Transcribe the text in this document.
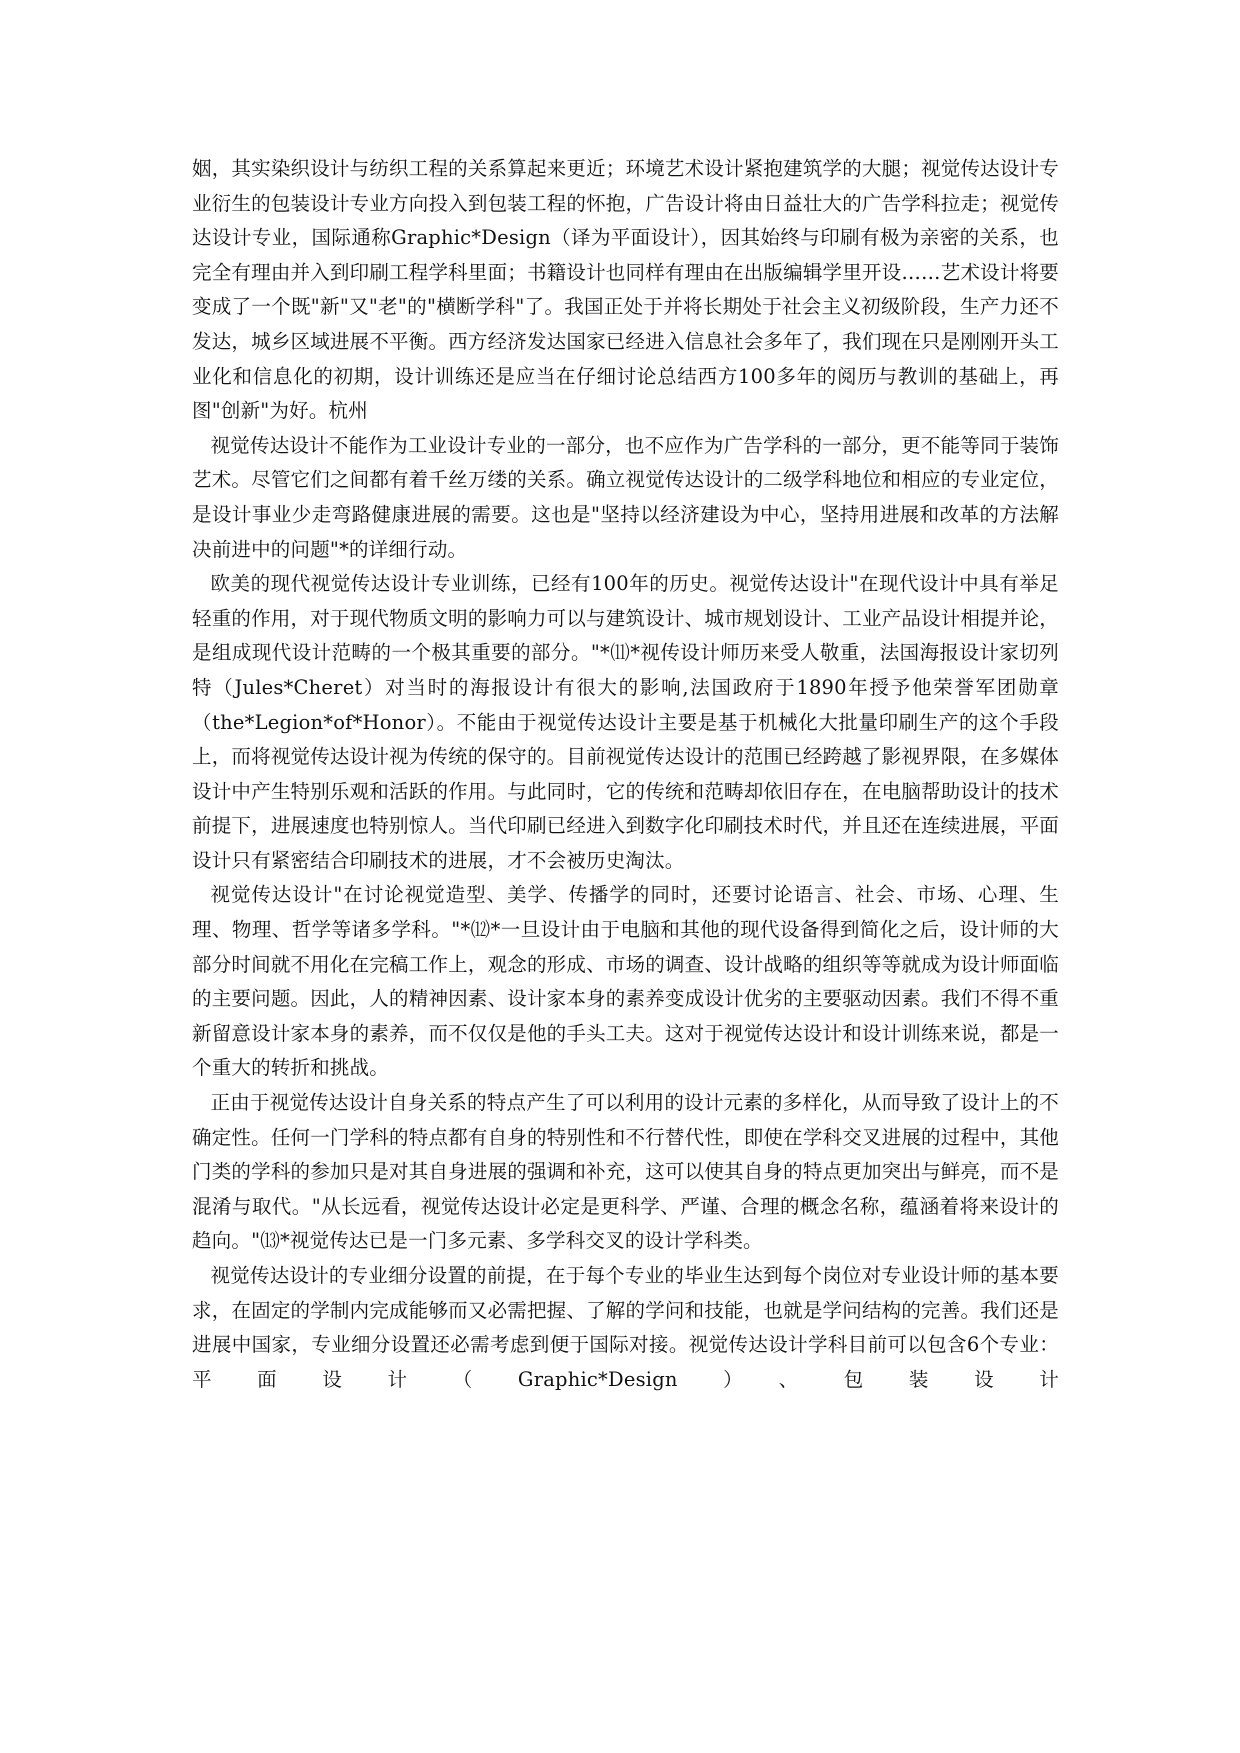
姻，其实染织设计与纺织工程的关系算起来更近；环境艺术设计紧抱建筑学的大腿；视觉传达设计专业衍生的包装设计专业方向投入到包装工程的怀抱，广告设计将由日益壮大的广告学科拉走；视觉传达设计专业，国际通称Graphic*Design（译为平面设计），因其始终与印刷有极为亲密的关系，也完全有理由并入到印刷工程学科里面；书籍设计也同样有理由在出版编辑学里开设……艺术设计将要变成了一个既"新"又"老"的"横断学科"了。我国正处于并将长期处于社会主义初级阶段，生产力还不发达，城乡区域进展不平衡。西方经济发达国家已经进入信息社会多年了，我们现在只是刚刚开头工业化和信息化的初期，设计训练还是应当在仔细讨论总结西方100多年的阅历与教训的基础上，再图"创新"为好。杭州

视觉传达设计不能作为工业设计专业的一部分，也不应作为广告学科的一部分，更不能等同于装饰艺术。尽管它们之间都有着千丝万缕的关系。确立视觉传达设计的二级学科地位和相应的专业定位，是设计事业少走弯路健康进展的需要。这也是"坚持以经济建设为中心，坚持用进展和改革的方法解决前进中的问题"*的详细行动。

欧美的现代视觉传达设计专业训练，已经有100年的历史。视觉传达设计"在现代设计中具有举足轻重的作用，对于现代物质文明的影响力可以与建筑设计、城市规划设计、工业产品设计相提并论，是组成现代设计范畴的一个极其重要的部分。"*⑾*视传设计师历来受人敬重，法国海报设计家切列特（Jules*Cheret）对当时的海报设计有很大的影响,法国政府于1890年授予他荣誉军团勋章（the*Legion*of*Honor）。不能由于视觉传达设计主要是基于机械化大批量印刷生产的这个手段上，而将视觉传达设计视为传统的保守的。目前视觉传达设计的范围已经跨越了影视界限，在多媒体设计中产生特别乐观和活跃的作用。与此同时，它的传统和范畴却依旧存在，在电脑帮助设计的技术前提下，进展速度也特别惊人。当代印刷已经进入到数字化印刷技术时代，并且还在连续进展，平面设计只有紧密结合印刷技术的进展，才不会被历史淘汰。

视觉传达设计"在讨论视觉造型、美学、传播学的同时，还要讨论语言、社会、市场、心理、生理、物理、哲学等诸多学科。"*⑿*一旦设计由于电脑和其他的现代设备得到简化之后，设计师的大部分时间就不用化在完稿工作上，观念的形成、市场的调查、设计战略的组织等等就成为设计师面临的主要问题。因此，人的精神因素、设计家本身的素养变成设计优劣的主要驱动因素。我们不得不重新留意设计家本身的素养，而不仅仅是他的手头工夫。这对于视觉传达设计和设计训练来说，都是一个重大的转折和挑战。

正由于视觉传达设计自身关系的特点产生了可以利用的设计元素的多样化，从而导致了设计上的不确定性。任何一门学科的特点都有自身的特别性和不行替代性，即使在学科交叉进展的过程中，其他门类的学科的参加只是对其自身进展的强调和补充，这可以使其自身的特点更加突出与鲜亮，而不是混淆与取代。"从长远看，视觉传达设计必定是更科学、严谨、合理的概念名称，蕴涵着将来设计的趋向。"⒀*视觉传达已是一门多元素、多学科交叉的设计学科类。

视觉传达设计的专业细分设置的前提，在于每个专业的毕业生达到每个岗位对专业设计师的基本要求，在固定的学制内完成能够而又必需把握、了解的学问和技能，也就是学问结构的完善。我们还是进展中国家，专业细分设置还必需考虑到便于国际对接。视觉传达设计学科目前可以包含6个专业：平面设计（Graphic*Design）、包装设计
